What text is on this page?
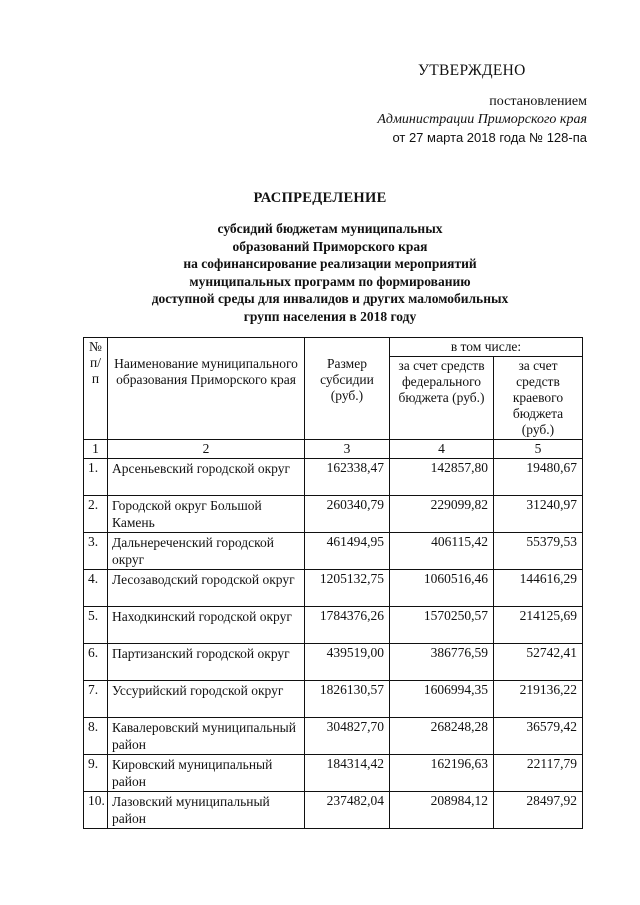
УТВЕРЖДЕНО
постановлением
Администрации Приморского края
от 27 марта 2018 года № 128-па
РАСПРЕДЕЛЕНИЕ
субсидий бюджетам муниципальных
образований Приморского края
на софинансирование реализации мероприятий
муниципальных программ по формированию
доступной среды для инвалидов и других маломобильных
групп населения в 2018 году
№ п/п	Наименование муниципального образования Приморского края	Размер субсидии (руб.)	в том числе:	
			за счет средств федерального бюджета (руб.)	за счет средств краевого бюджета (руб.)
1	2	3	4	5
1.	Арсеньевский городской округ	162338,47	142857,80	19480,67
2.	Городской округ Большой Камень	260340,79	229099,82	31240,97
3.	Дальнереченский городской округ	461494,95	406115,42	55379,53
4.	Лесозаводский городской округ	1205132,75	1060516,46	144616,29
5.	Находкинский городской округ	1784376,26	1570250,57	214125,69
6.	Партизанский городской округ	439519,00	386776,59	52742,41
7.	Уссурийский городской округ	1826130,57	1606994,35	219136,22
8.	Кавалеровский муниципальный район	304827,70	268248,28	36579,42
9.	Кировский муниципальный район	184314,42	162196,63	22117,79
10.	Лазовский муниципальный район	237482,04	208984,12	28497,92
